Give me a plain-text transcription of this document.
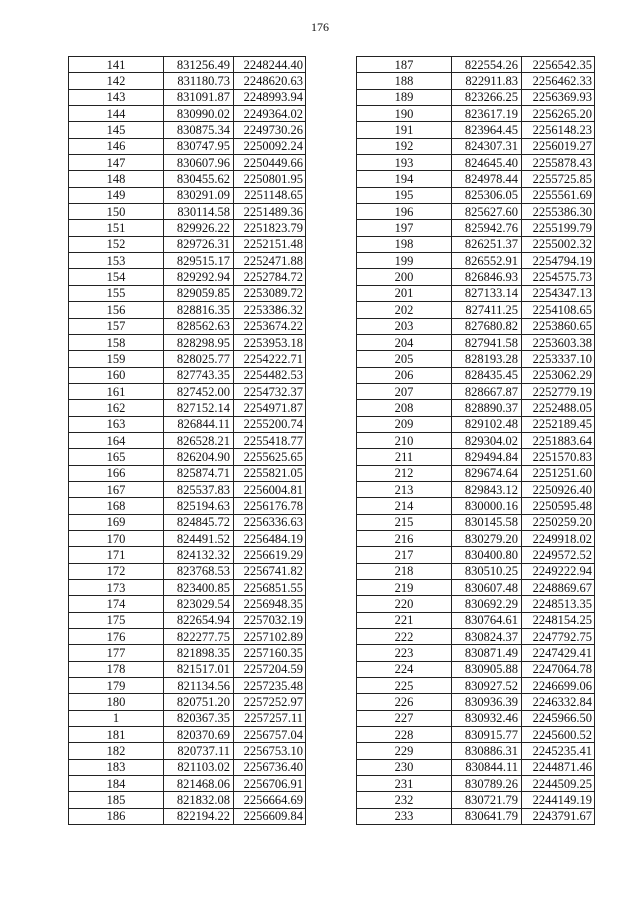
176
141	831256.49	2248244.40
142	831180.73	2248620.63
143	831091.87	2248993.94
144	830990.02	2249364.02
145	830875.34	2249730.26
146	830747.95	2250092.24
147	830607.96	2250449.66
148	830455.62	2250801.95
149	830291.09	2251148.65
150	830114.58	2251489.36
151	829926.22	2251823.79
152	829726.31	2252151.48
153	829515.17	2252471.88
154	829292.94	2252784.72
155	829059.85	2253089.72
156	828816.35	2253386.32
157	828562.63	2253674.22
158	828298.95	2253953.18
159	828025.77	2254222.71
160	827743.35	2254482.53
161	827452.00	2254732.37
162	827152.14	2254971.87
163	826844.11	2255200.74
164	826528.21	2255418.77
165	826204.90	2255625.65
166	825874.71	2255821.05
167	825537.83	2256004.81
168	825194.63	2256176.78
169	824845.72	2256336.63
170	824491.52	2256484.19
171	824132.32	2256619.29
172	823768.53	2256741.82
173	823400.85	2256851.55
174	823029.54	2256948.35
175	822654.94	2257032.19
176	822277.75	2257102.89
177	821898.35	2257160.35
178	821517.01	2257204.59
179	821134.56	2257235.48
180	820751.20	2257252.97
1	820367.35	2257257.11
181	820370.69	2256757.04
182	820737.11	2256753.10
183	821103.02	2256736.40
184	821468.06	2256706.91
185	821832.08	2256664.69
186	822194.22	2256609.84
187	822554.26	2256542.35
188	822911.83	2256462.33
189	823266.25	2256369.93
190	823617.19	2256265.20
191	823964.45	2256148.23
192	824307.31	2256019.27
193	824645.40	2255878.43
194	824978.44	2255725.85
195	825306.05	2255561.69
196	825627.60	2255386.30
197	825942.76	2255199.79
198	826251.37	2255002.32
199	826552.91	2254794.19
200	826846.93	2254575.73
201	827133.14	2254347.13
202	827411.25	2254108.65
203	827680.82	2253860.65
204	827941.58	2253603.38
205	828193.28	2253337.10
206	828435.45	2253062.29
207	828667.87	2252779.19
208	828890.37	2252488.05
209	829102.48	2252189.45
210	829304.02	2251883.64
211	829494.84	2251570.83
212	829674.64	2251251.60
213	829843.12	2250926.40
214	830000.16	2250595.48
215	830145.58	2250259.20
216	830279.20	2249918.02
217	830400.80	2249572.52
218	830510.25	2249222.94
219	830607.48	2248869.67
220	830692.29	2248513.35
221	830764.61	2248154.25
222	830824.37	2247792.75
223	830871.49	2247429.41
224	830905.88	2247064.78
225	830927.52	2246699.06
226	830936.39	2246332.84
227	830932.46	2245966.50
228	830915.77	2245600.52
229	830886.31	2245235.41
230	830844.11	2244871.46
231	830789.26	2244509.25
232	830721.79	2244149.19
233	830641.79	2243791.67
